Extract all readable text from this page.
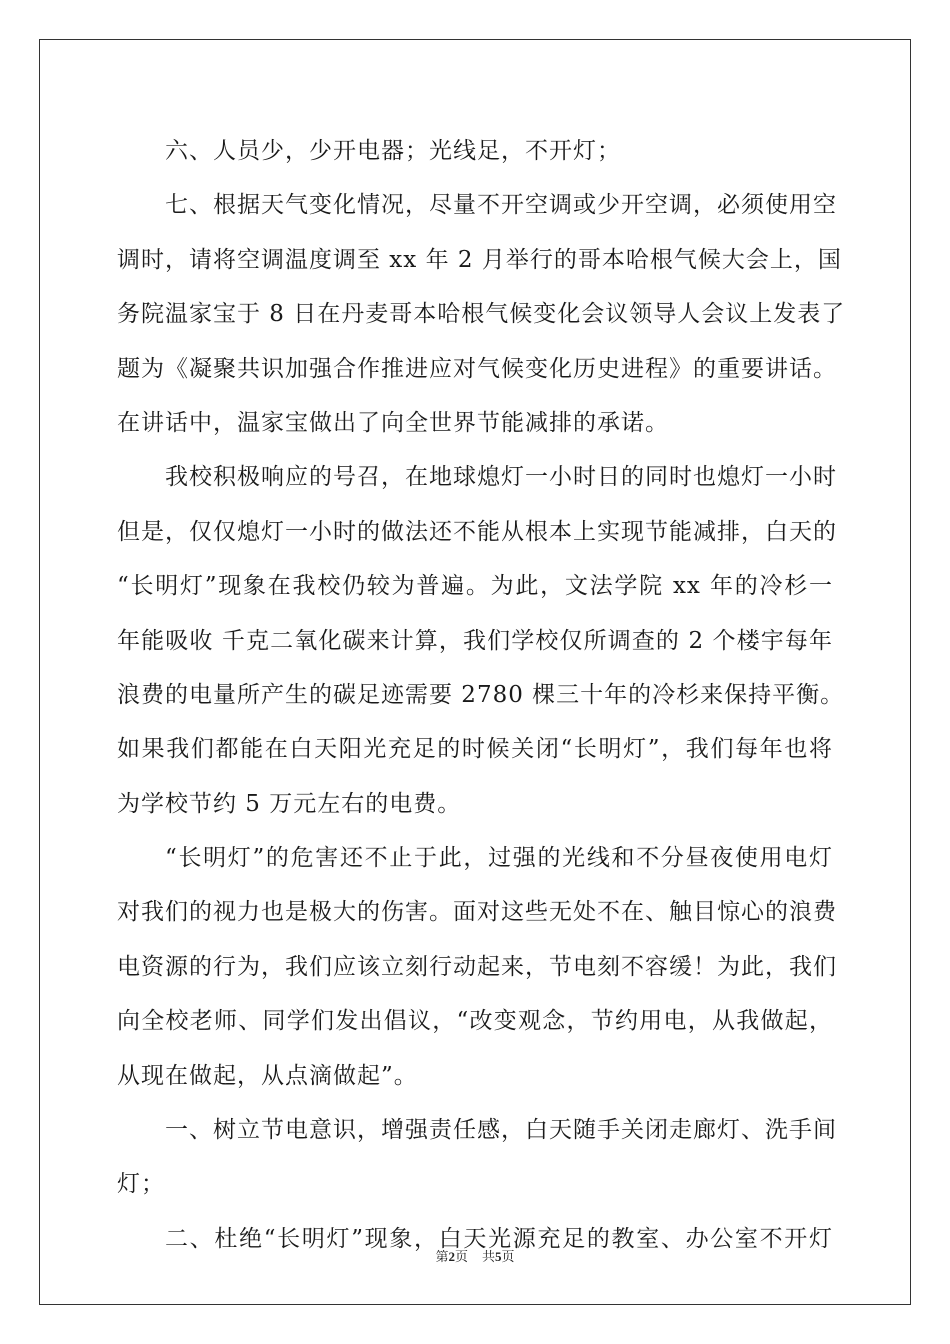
六、人员少，少开电器；光线足，不开灯；
七、根据天气变化情况，尽量不开空调或少开空调，必须使用空
调时，请将空调温度调至 xx 年 2 月举行的哥本哈根气候大会上，国
务院温家宝于 8 日在丹麦哥本哈根气候变化会议领导人会议上发表了
题为《凝聚共识加强合作推进应对气候变化历史进程》的重要讲话。
在讲话中，温家宝做出了向全世界节能减排的承诺。
我校积极响应的号召，在地球熄灯一小时日的同时也熄灯一小时
但是，仅仅熄灯一小时的做法还不能从根本上实现节能减排，白天的
“长明灯”现象在我校仍较为普遍。为此，文法学院 xx 年的冷杉一
年能吸收 千克二氧化碳来计算，我们学校仅所调查的 2 个楼宇每年
浪费的电量所产生的碳足迹需要 2780 棵三十年的冷杉来保持平衡。
如果我们都能在白天阳光充足的时候关闭“长明灯”，我们每年也将
为学校节约 5 万元左右的电费。
“长明灯”的危害还不止于此，过强的光线和不分昼夜使用电灯
对我们的视力也是极大的伤害。面对这些无处不在、触目惊心的浪费
电资源的行为，我们应该立刻行动起来，节电刻不容缓！为此，我们
向全校老师、同学们发出倡议，“改变观念，节约用电，从我做起，
从现在做起，从点滴做起”。
一、树立节电意识，增强责任感，白天随手关闭走廊灯、洗手间
灯；
二、杜绝“长明灯”现象，白天光源充足的教室、办公室不开灯
第2页 共5页
